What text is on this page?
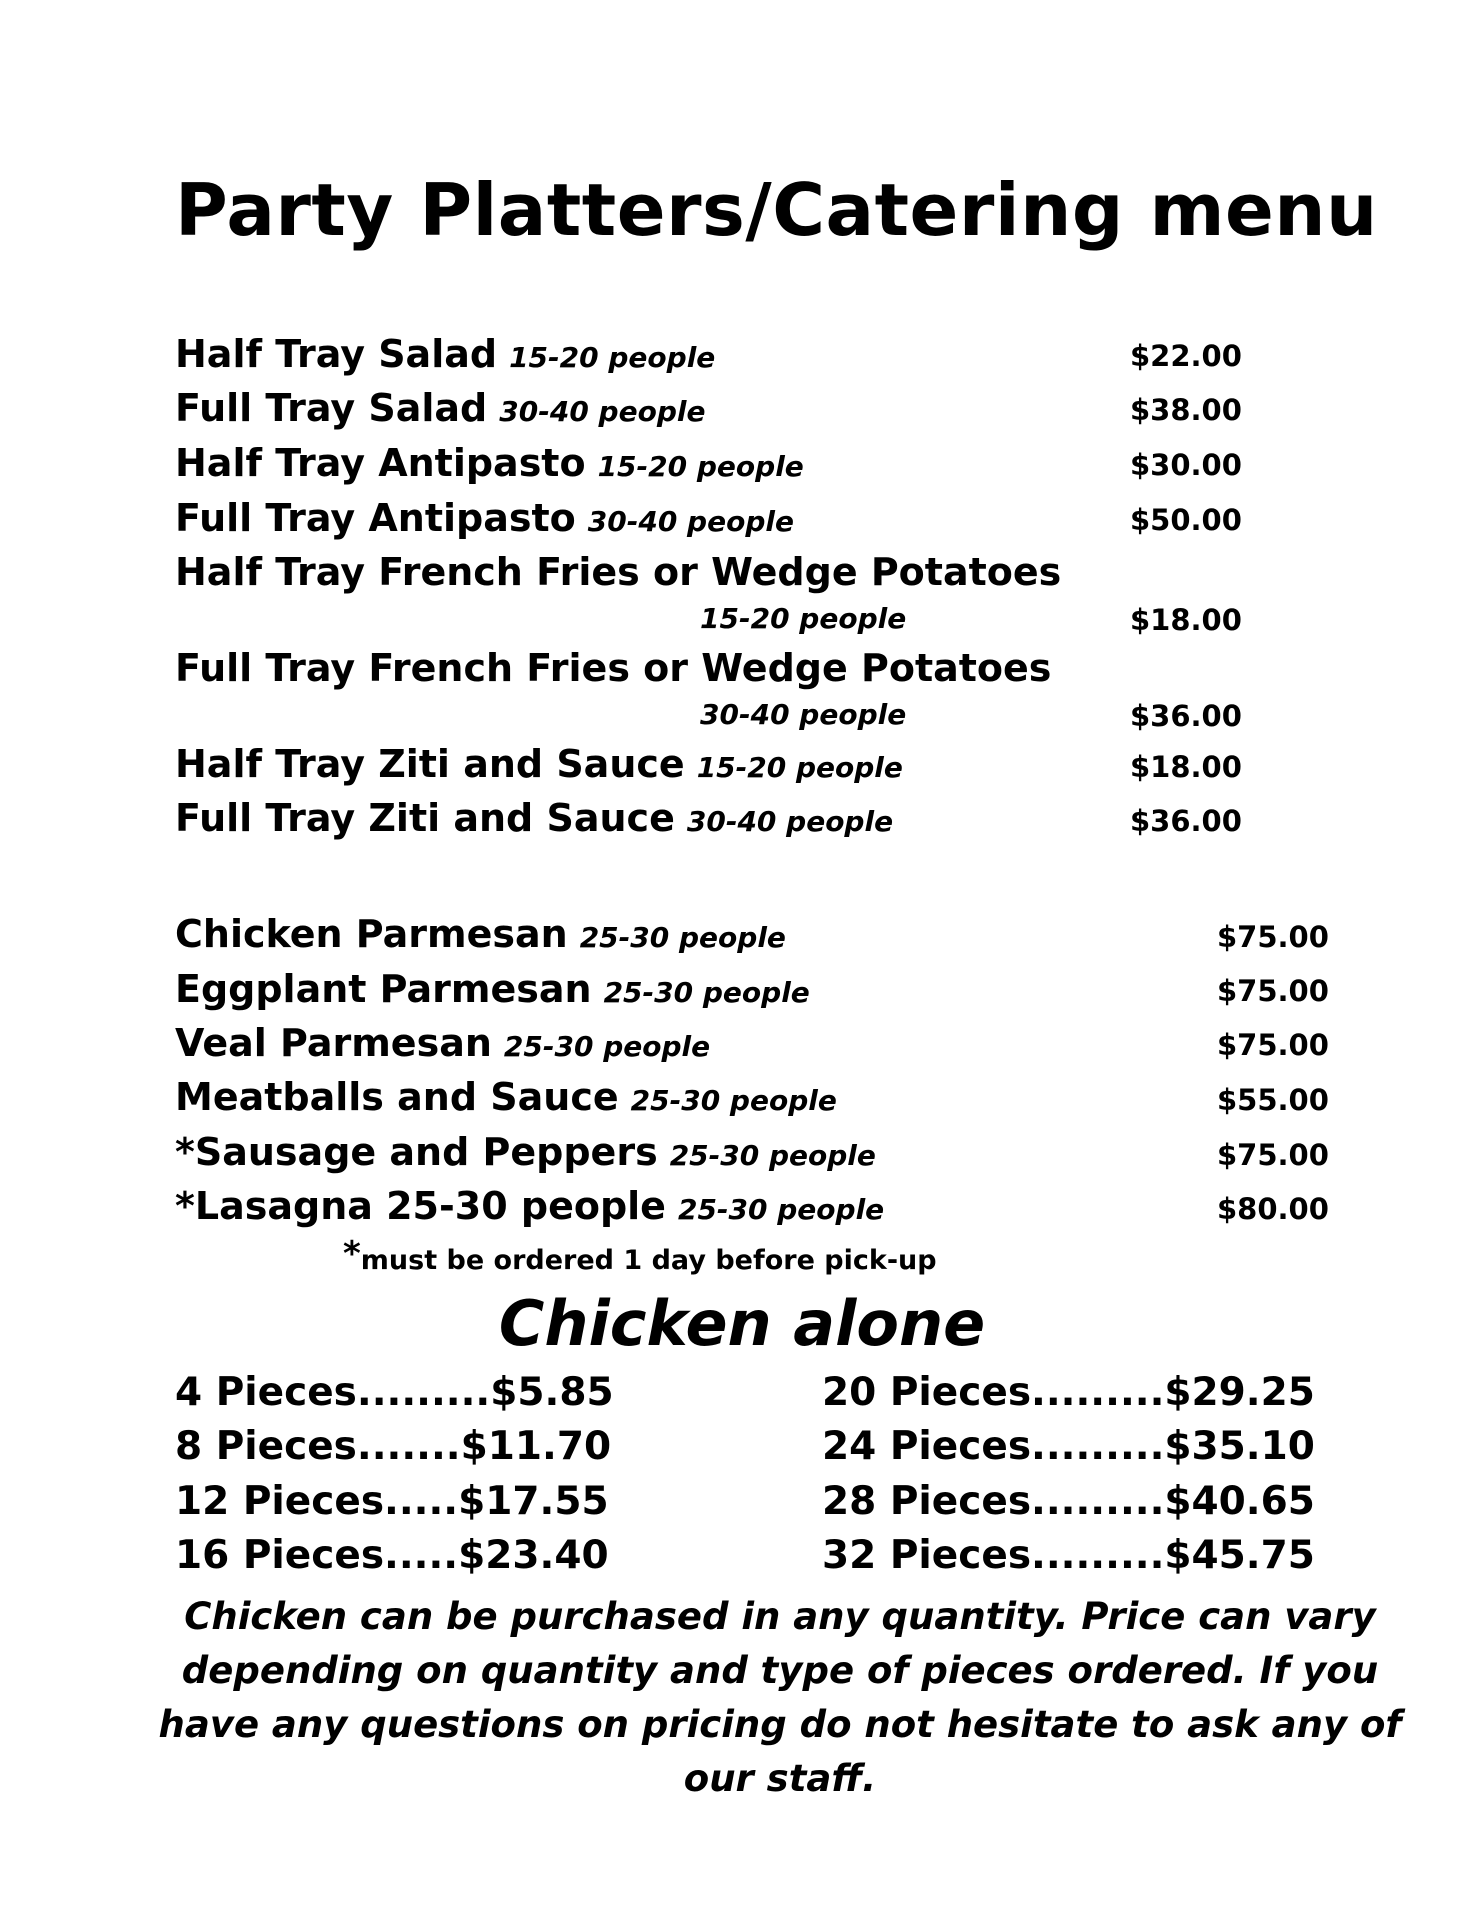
Party Platters/Catering menu
Half Tray Salad 15-20 people	$22.00
Full Tray Salad 30-40 people	$38.00
Half Tray Antipasto 15-20 people	$30.00
Full Tray Antipasto 30-40 people	$50.00
Half Tray French Fries or Wedge Potatoes
15-20 people	$18.00
Full Tray French Fries or Wedge Potatoes
30-40 people	$36.00
Half Tray Ziti and Sauce 15-20 people	$18.00
Full Tray Ziti and Sauce 30-40 people	$36.00
Chicken Parmesan 25-30 people	$75.00
Eggplant Parmesan 25-30 people	$75.00
Veal Parmesan 25-30 people	$75.00
Meatballs and Sauce 25-30 people	$55.00
*Sausage and Peppers 25-30 people	$75.00
*Lasagna 25-30 people 25-30 people	$80.00
*must be ordered 1 day before pick-up
Chicken alone
4 Pieces.........$5.85
8 Pieces.......$11.70
12 Pieces.....$17.55
16 Pieces.....$23.40
20 Pieces.........$29.25
24 Pieces.........$35.10
28 Pieces.........$40.65
32 Pieces.........$45.75
Chicken can be purchased in any quantity. Price can vary depending on quantity and type of pieces ordered. If you have any questions on pricing do not hesitate to ask any of our staff.
